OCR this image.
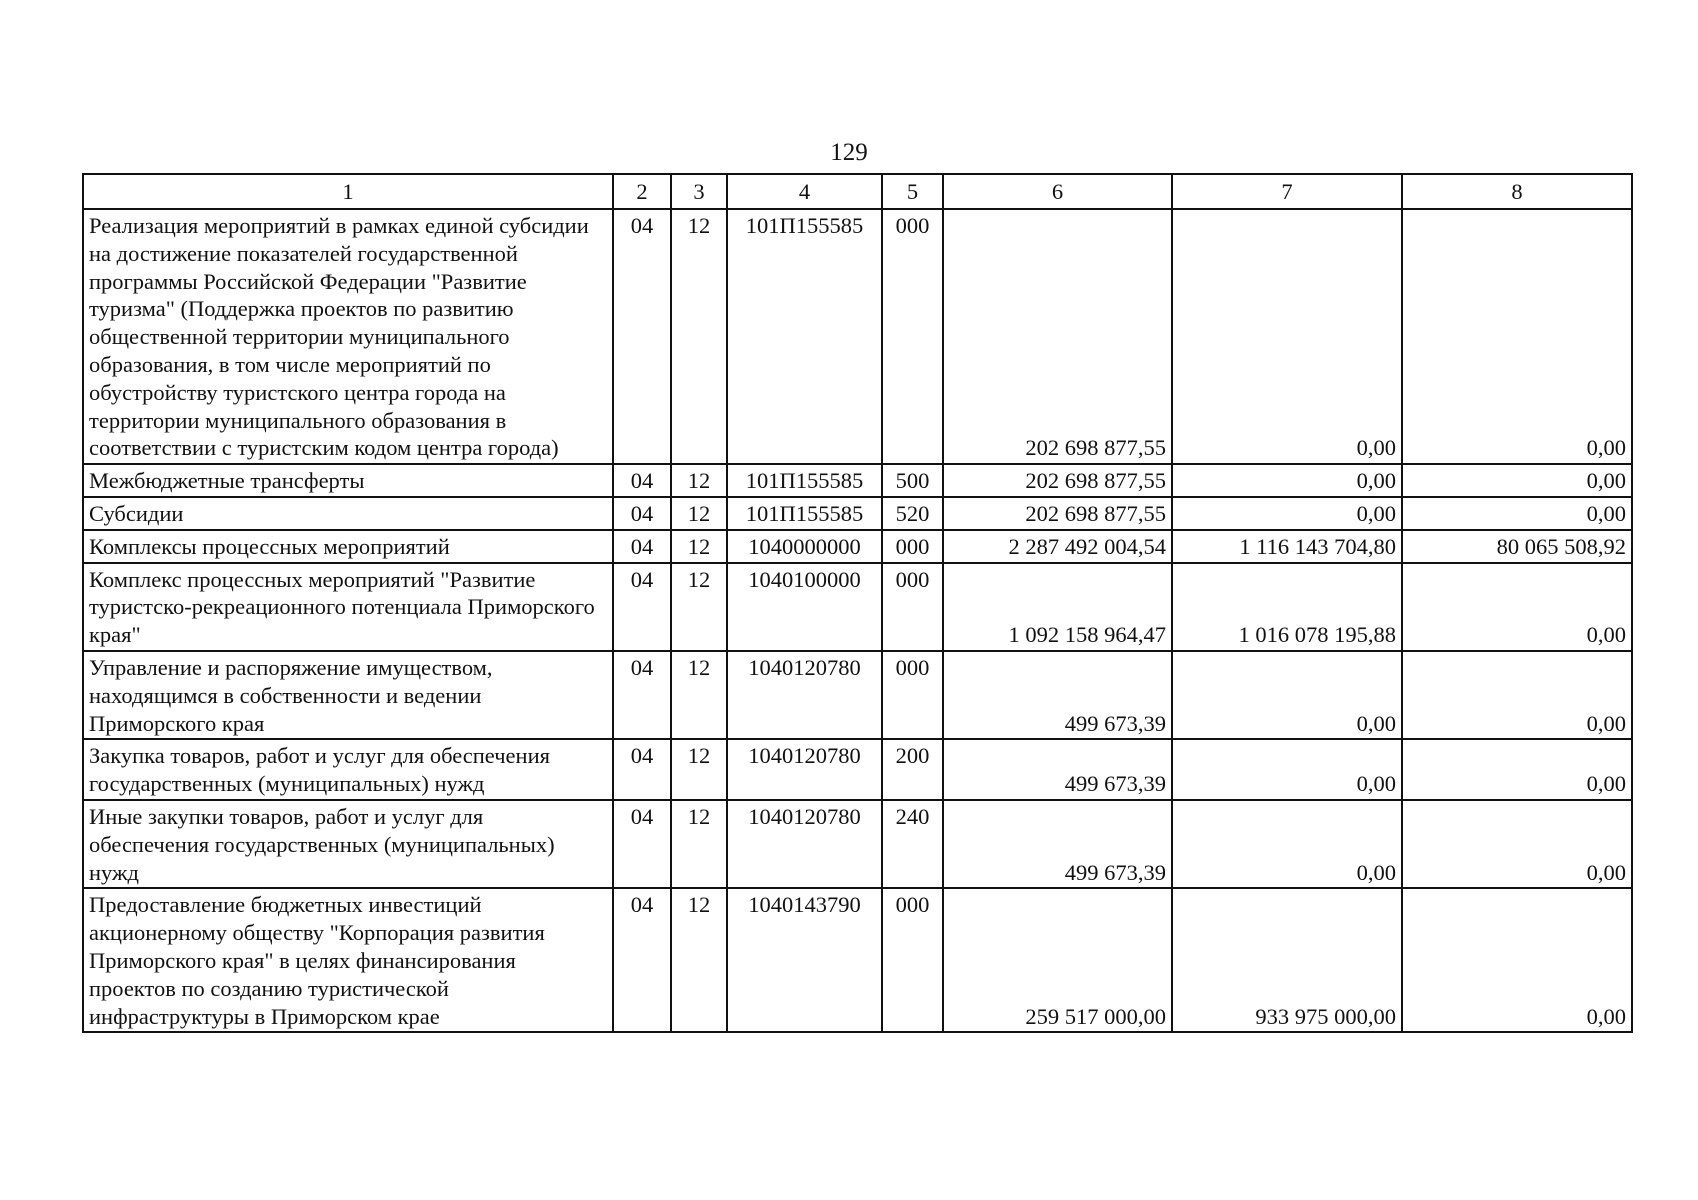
129
1	2	3	4	5	6	7	8
Реализация мероприятий в рамках единой субсидии на достижение показателей государственной программы Российской Федерации "Развитие туризма" (Поддержка проектов по развитию общественной территории муниципального образования, в том числе мероприятий по обустройству туристского центра города на территории муниципального образования в соответствии с туристским кодом центра города)	04	12	101П155585	000	202 698 877,55	0,00	0,00
Межбюджетные трансферты	04	12	101П155585	500	202 698 877,55	0,00	0,00
Субсидии	04	12	101П155585	520	202 698 877,55	0,00	0,00
Комплексы процессных мероприятий	04	12	1040000000	000	2 287 492 004,54	1 116 143 704,80	80 065 508,92
Комплекс процессных мероприятий "Развитие туристско-рекреационного потенциала Приморского края"	04	12	1040100000	000	1 092 158 964,47	1 016 078 195,88	0,00
Управление и распоряжение имуществом, находящимся в собственности и ведении Приморского края	04	12	1040120780	000	499 673,39	0,00	0,00
Закупка товаров, работ и услуг для обеспечения государственных (муниципальных) нужд	04	12	1040120780	200	499 673,39	0,00	0,00
Иные закупки товаров, работ и услуг для обеспечения государственных (муниципальных) нужд	04	12	1040120780	240	499 673,39	0,00	0,00
Предоставление бюджетных инвестиций акционерному обществу "Корпорация развития Приморского края" в целях финансирования проектов по созданию туристической инфраструктуры в Приморском крае	04	12	1040143790	000	259 517 000,00	933 975 000,00	0,00
